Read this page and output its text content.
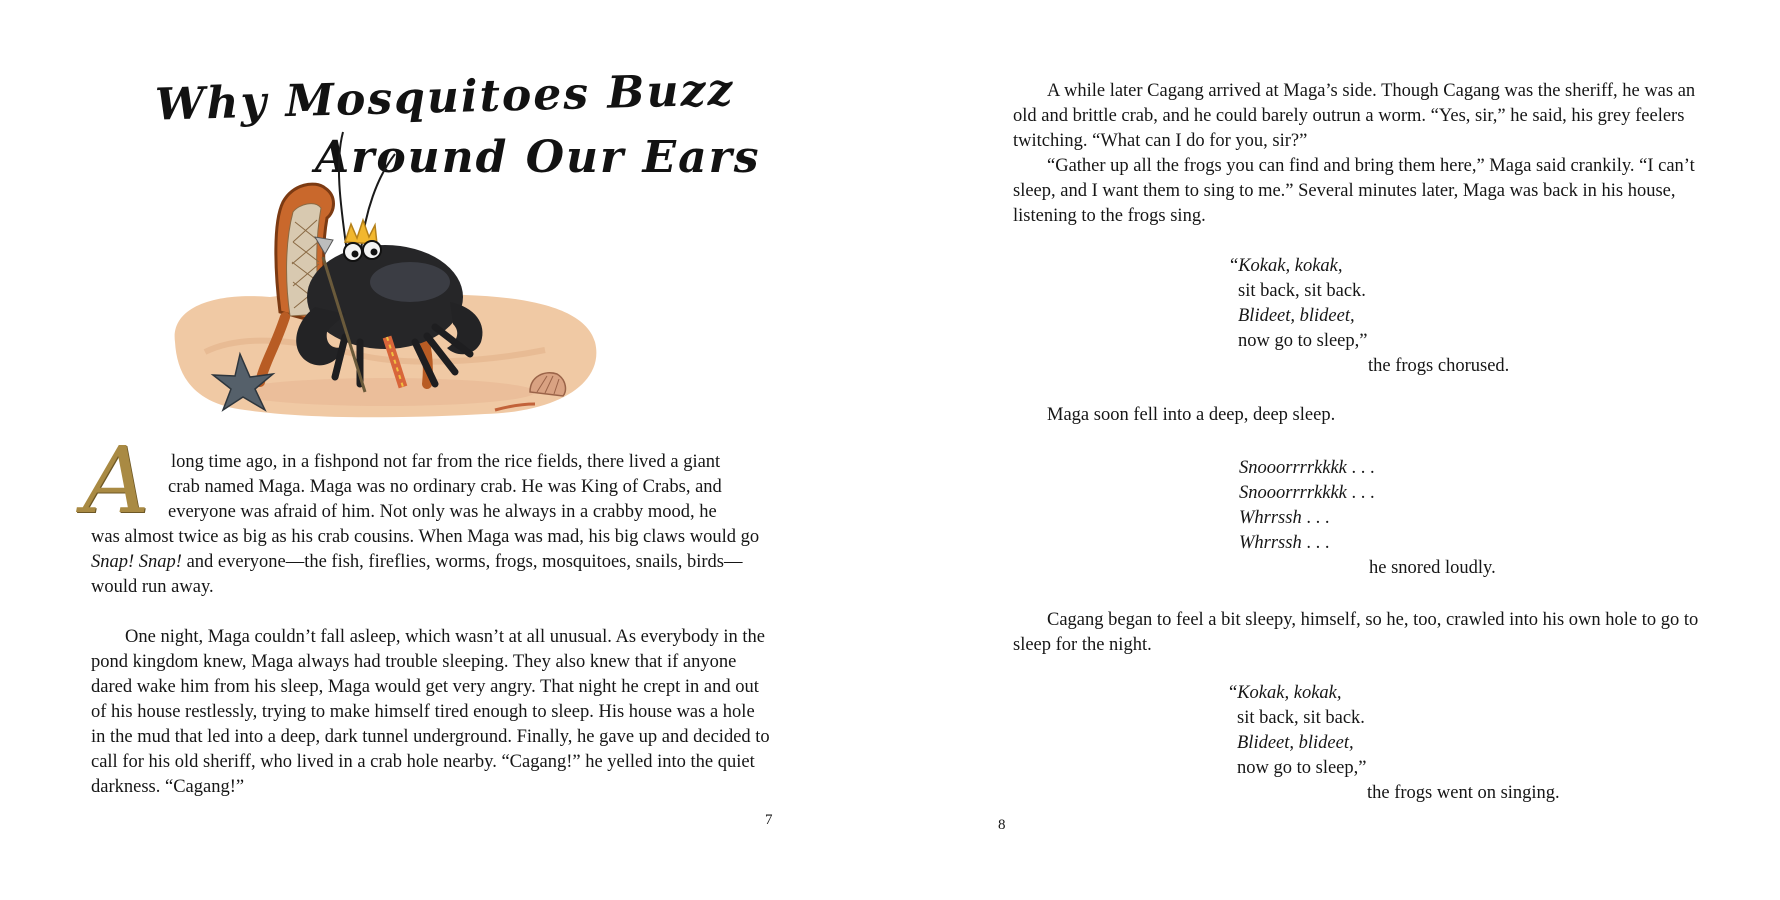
Why Mosquitoes Buzz
Around Our Ears
A	long time ago, in a fishpond not far from the rice fields, there lived a giant
crab named Maga. Maga was no ordinary crab. He was King of Crabs, and
everyone was afraid of him. Not only was he always in a crabby mood, he
was almost twice as big as his crab cousins. When Maga was mad, his big claws would go Snap! Snap! and everyone—the fish, fireflies, worms, frogs, mosquitoes, snails, birds—would run away.

One night, Maga couldn’t fall asleep, which wasn’t at all unusual. As everybody in the pond kingdom knew, Maga always had trouble sleeping. They also knew that if anyone dared wake him from his sleep, Maga would get very angry. That night he crept in and out of his house restlessly, trying to make himself tired enough to sleep. His house was a hole in the mud that led into a deep, dark tunnel underground. Finally, he gave up and decided to call for his old sheriff, who lived in a crab hole nearby. “Cagang!” he yelled into the quiet darkness. “Cagang!”

7

A while later Cagang arrived at Maga’s side. Though Cagang was the sheriff, he was an old and brittle crab, and he could barely outrun a worm. “Yes, sir,” he said, his grey feelers twitching. “What can I do for you, sir?”

“Gather up all the frogs you can find and bring them here,” Maga said crankily. “I can’t sleep, and I want them to sing to me.” Several minutes later, Maga was back in his house, listening to the frogs sing.

“Kokak, kokak,
sit back, sit back.
Blideet, blideet,
now go to sleep,”
the frogs chorused.

Maga soon fell into a deep, deep sleep.

Snooorrrrkkkk . . .
Snooorrrrkkkk . . .
Whrrssh . . .
Whrrssh . . .
he snored loudly.

Cagang began to feel a bit sleepy, himself, so he, too, crawled into his own hole to go to sleep for the night.

“Kokak, kokak,
sit back, sit back.
Blideet, blideet,
now go to sleep,”
the frogs went on singing.
8
